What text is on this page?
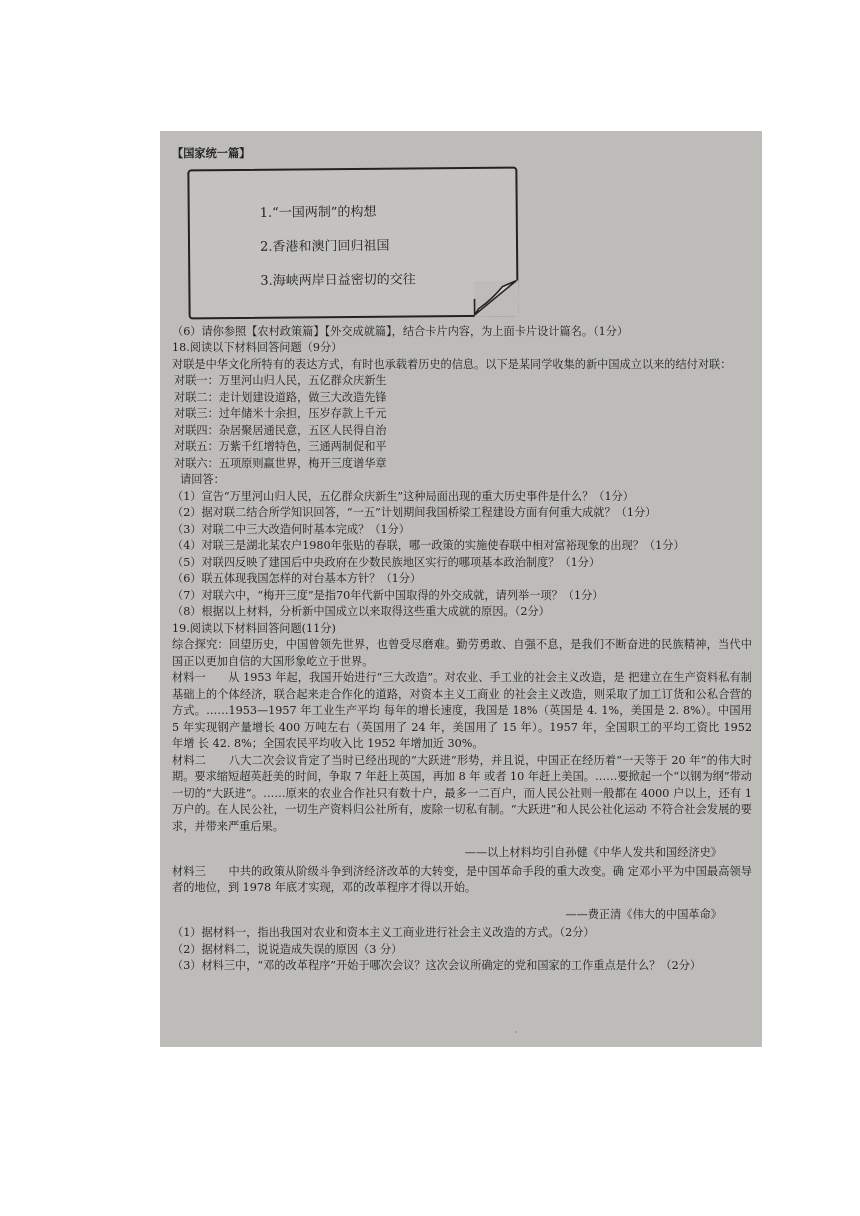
【国家统一篇】
1.“一国两制”的构想
2.香港和澳门回归祖国
3.海峡两岸日益密切的交往
（6）请你参照【农村政策篇】【外交成就篇】，结合卡片内容，为上面卡片设计篇名。（1分）
18.阅读以下材料回答问题（9分）
对联是中华文化所特有的表达方式，有时也承载着历史的信息。以下是某同学收集的新中国成立以来的结付对联：
对联一：万里河山归人民，五亿群众庆新生
对联二：走计划建设道路，做三大改造先锋
对联三：过年储米十余担，压岁存款上千元
对联四：杂居聚居通民意，五区人民得自治
对联五：万紫千红增特色，三通两制促和平
对联六：五项原则赢世界，梅开三度谱华章
请回答：
（1）宣告“万里河山归人民，五亿群众庆新生”这种局面出现的重大历史事件是什么？（1分）
（2）据对联二结合所学知识回答，“一五”计划期间我国桥梁工程建设方面有何重大成就？（1分）
（3）对联二中三大改造何时基本完成？（1分）
（4）对联三是湖北某农户1980年张贴的春联，哪一政策的实施使春联中相对富裕现象的出现？（1分）
（5）对联四反映了建国后中央政府在少数民族地区实行的哪项基本政治制度？（1分）
（6）联五体现我国怎样的对台基本方针？（1分）
（7）对联六中，“梅开三度”是指70年代新中国取得的外交成就，请列举一项？（1分）
（8）根据以上材料，分析新中国成立以来取得这些重大成就的原因。（2分）
19.阅读以下材料回答问题(11分)
综合探究：回望历史，中国曾领先世界，也曾受尽磨难。勤劳勇敢、自强不息，是我们不断奋进的民族精神，当代中国正以更加自信的大国形象屹立于世界。
材料一　　从 1953 年起，我国开始进行“三大改造”。对农业、手工业的社会主义改造，是 把建立在生产资料私有制基础上的个体经济，联合起来走合作化的道路，对资本主义工商业 的社会主义改造，则采取了加工订货和公私合营的方式。……1953—1957 年工业生产平均 每年的增长速度，我国是 18%（英国是 4. 1%，美国是 2. 8%）。中国用 5 年实现钢产量增长 400 万吨左右（英国用了 24 年，美国用了 15 年）。1957 年，全国职工的平均工资比 1952 年增 长 42. 8%；全国农民平均收入比 1952 年增加近 30%。
材料二　　八大二次会议肯定了当时已经出现的“大跃进”形势，并且说，中国正在经历着“一天等于 20 年”的伟大时期。要求缩短超英赶美的时间，争取 7 年赶上英国，再加 8 年 或者 10 年赶上美国。……要掀起一个“以钢为纲”带动一切的“大跃进”。……原来的农业合作社只有数十户，最多一二百户，而人民公社则一般都在 4000 户以上，还有 1 万户的。在人民公社，一切生产资料归公社所有，废除一切私有制。“大跃进”和人民公社化运动 不符合社会发展的要求，并带来严重后果。
——以上材料均引自孙健《中华人发共和国经济史》
材料三　　中共的政策从阶级斗争到济经济改革的大转变，是中国革命手段的重大改变。确 定邓小平为中国最高领导者的地位，到 1978 年底才实现，邓的改革程序才得以开始。
——费正清《伟大的中国革命》
（1）据材料一，指出我国对农业和资本主义工商业进行社会主义改造的方式。（2分）
（2）据材料二，说说造成失误的原因（3 分）
（3）材料三中，“邓的改革程序”开始于哪次会议？这次会议所确定的党和国家的工作重点是什么？（2分）
·
